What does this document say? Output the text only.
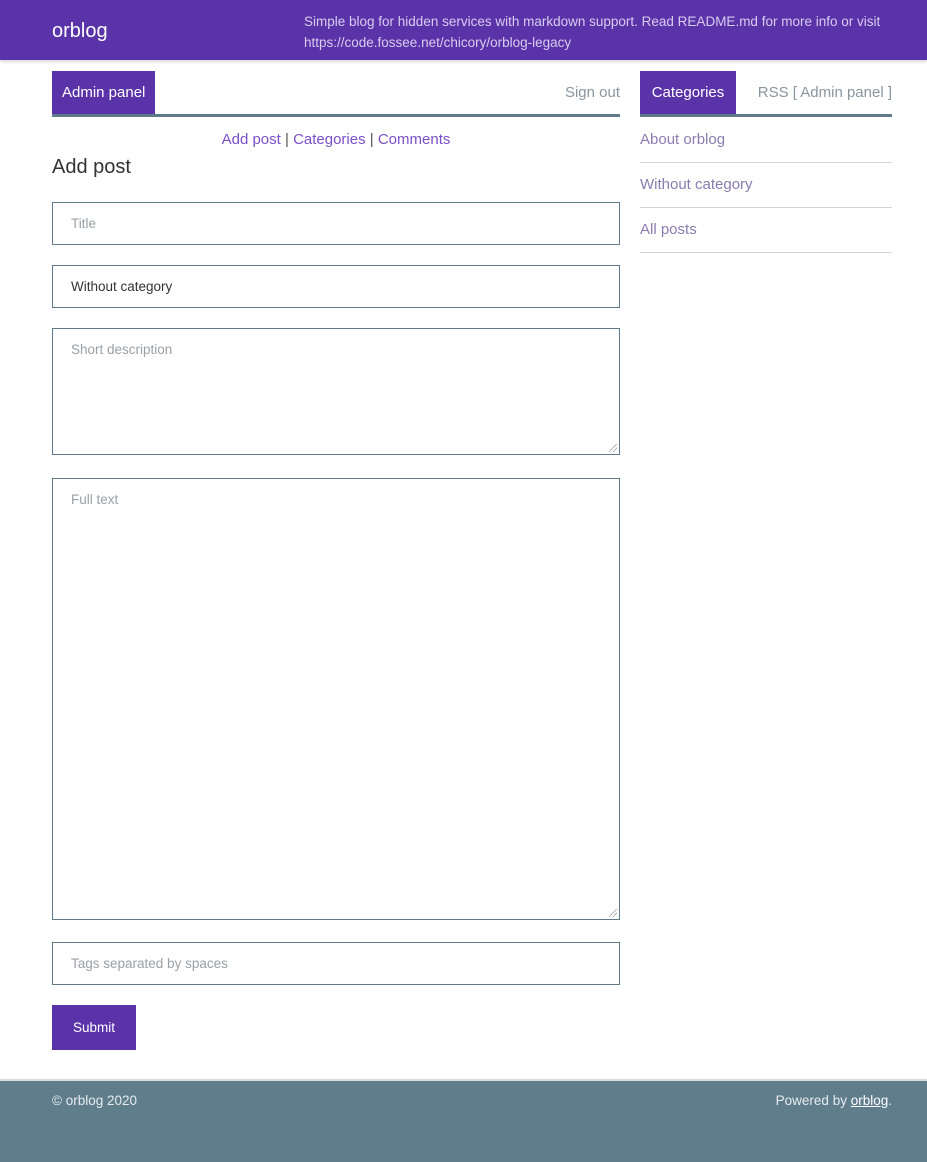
orblog	Simple blog for hidden services with markdown support. Read README.md for more info or visit https://code.fossee.net/chicory/orblog-legacy
Admin panel	Sign out
Add post | Categories | Comments
Add post
Title
Without category
Short description
Full text
Tags separated by spaces
Submit
Categories	RSS [ Admin panel ]
About orblog
Without category
All posts
© orblog 2020	Powered by orblog.
